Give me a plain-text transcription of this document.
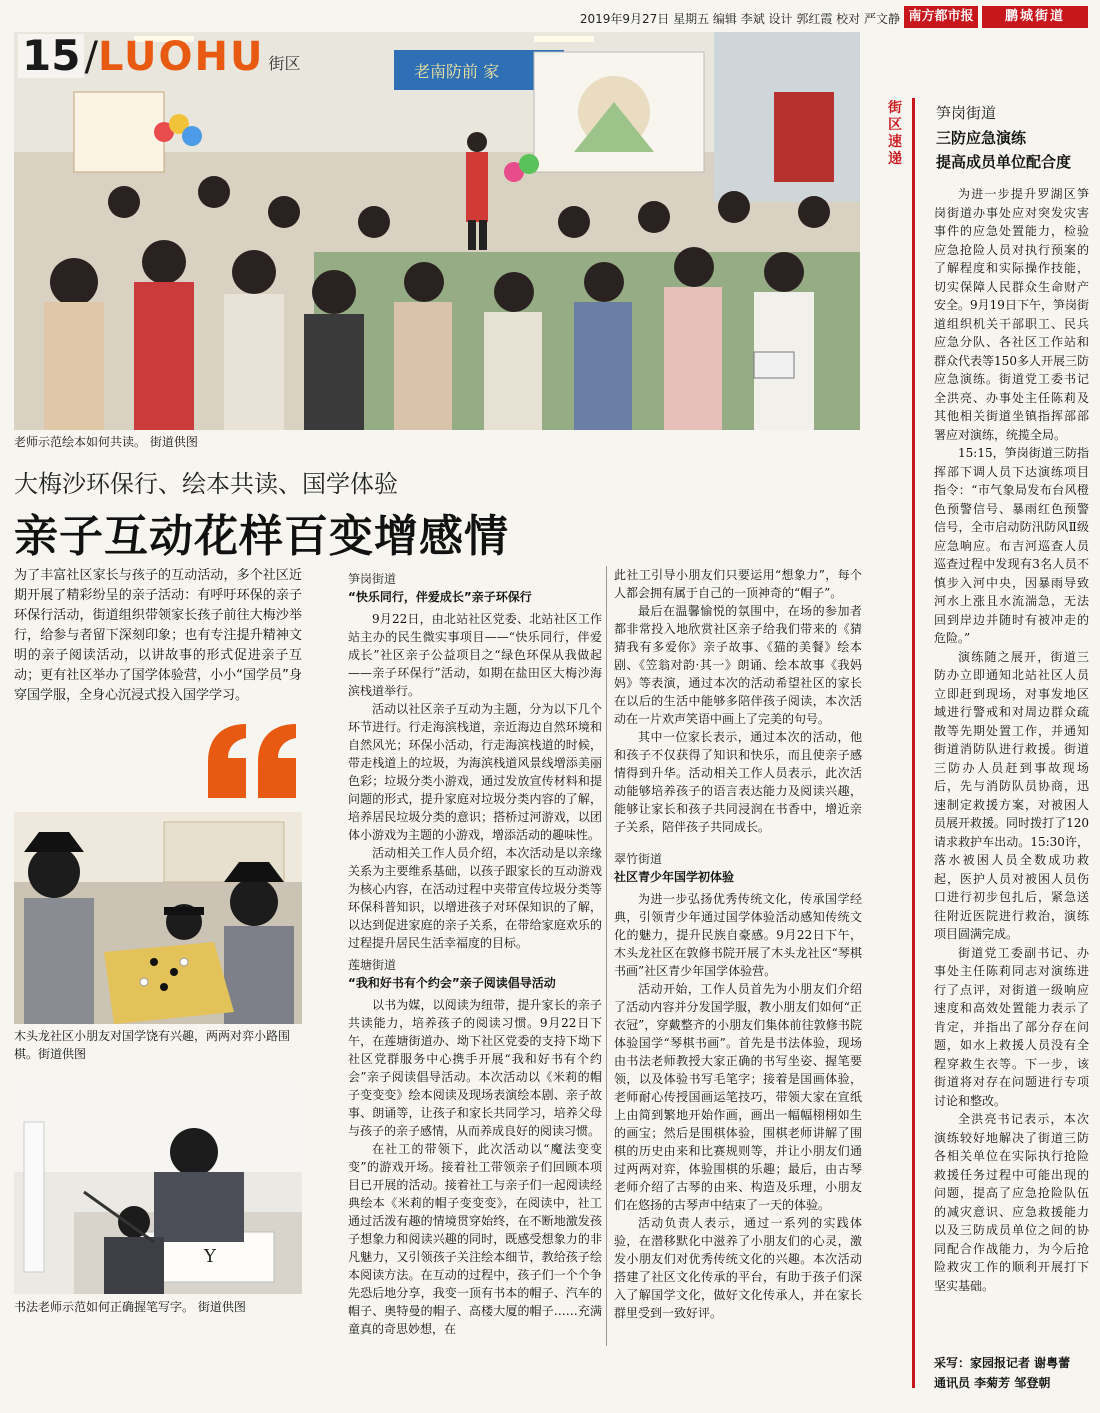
2019年9月27日 星期五 编辑 李斌 设计 郭红霞 校对 严文静 南方都市报	鹏城街道
老南防前 家
15 /LUOHU 街区
老师示范绘本如何共读。 街道供图
大梅沙环保行、绘本共读、国学体验
亲子互动花样百变增感情
为了丰富社区家长与孩子的互动活动，多个社区近期开展了精彩纷呈的亲子活动：有呼吁环保的亲子环保行活动，街道组织带领家长孩子前往大梅沙举行，给参与者留下深刻印象；也有专注提升精神文明的亲子阅读活动，以讲故事的形式促进亲子互动；更有社区举办了国学体验营，小小“国学员”身穿国学服，全身心沉浸式投入国学学习。
木头龙社区小朋友对国学饶有兴趣，两两对弈小路围棋。街道供图
Y
书法老师示范如何正确握笔写字。 街道供图
笋岗街道
“快乐同行，伴爱成长”亲子环保行

9月22日，由北站社区党委、北站社区工作站主办的民生微实事项目——“快乐同行，伴爱成长”社区亲子公益项目之“绿色环保从我做起——亲子环保行”活动，如期在盐田区大梅沙海滨栈道举行。

活动以社区亲子互动为主题，分为以下几个环节进行。行走海滨栈道，亲近海边自然环境和自然风光；环保小活动，行走海滨栈道的时候，带走栈道上的垃圾，为海滨栈道风景线增添美丽色彩；垃圾分类小游戏，通过发放宣传材料和提问题的形式，提升家庭对垃圾分类内容的了解，培养居民垃圾分类的意识；搭桥过河游戏，以团体小游戏为主题的小游戏，增添活动的趣味性。

活动相关工作人员介绍，本次活动是以亲缘关系为主要维系基础，以孩子跟家长的互动游戏为核心内容，在活动过程中夹带宣传垃圾分类等环保科普知识，以增进孩子对环保知识的了解，以达到促进家庭的亲子关系，在带给家庭欢乐的过程提升居民生活幸福度的目标。

莲塘街道
“我和好书有个约会”亲子阅读倡导活动

以书为媒，以阅读为纽带，提升家长的亲子共读能力，培养孩子的阅读习惯。9月22日下午，在莲塘街道办、坳下社区党委的支持下坳下社区党群服务中心携手开展“我和好书有个约会”亲子阅读倡导活动。本次活动以《米莉的帽子变变变》绘本阅读及现场表演绘本剧、亲子故事、朗诵等，让孩子和家长共同学习，培养父母与孩子的亲子感情，从而养成良好的阅读习惯。

在社工的带领下，此次活动以“魔法变变变”的游戏开场。接着社工带领亲子们回顾本项目已开展的活动。接着社工与亲子们一起阅读经典绘本《米莉的帽子变变变》，在阅读中，社工通过活泼有趣的情境贯穿始终，在不断地激发孩子想象力和阅读兴趣的同时，既感受想象力的非凡魅力，又引领孩子关注绘本细节，教给孩子绘本阅读方法。在互动的过程中，孩子们一个个争先恐后地分享，我变一顶有书本的帽子、汽车的帽子、奥特曼的帽子、高楼大厦的帽子……充满童真的奇思妙想，在

此社工引导小朋友们只要运用“想象力”，每个人都会拥有属于自己的一顶神奇的“帽子”。

最后在温馨愉悦的氛围中，在场的参加者都非常投入地欣赏社区亲子给我们带来的《猜猜我有多爱你》亲子故事、《猫的美餐》绘本剧、《笠翁对韵·其一》朗诵、绘本故事《我妈妈》等表演，通过本次的活动希望社区的家长在以后的生活中能够多陪伴孩子阅读，本次活动在一片欢声笑语中画上了完美的句号。

其中一位家长表示，通过本次的活动，他和孩子不仅获得了知识和快乐，而且使亲子感情得到升华。活动相关工作人员表示，此次活动能够培养孩子的语言表达能力及阅读兴趣，能够让家长和孩子共同浸润在书香中，增近亲子关系，陪伴孩子共同成长。

翠竹街道
社区青少年国学初体验

为进一步弘扬优秀传统文化，传承国学经典，引领青少年通过国学体验活动感知传统文化的魅力，提升民族自豪感。9月22日下午，木头龙社区在敦修书院开展了木头龙社区“琴棋书画”社区青少年国学体验营。

活动开始，工作人员首先为小朋友们介绍了活动内容并分发国学服，教小朋友们如何“正衣冠”，穿戴整齐的小朋友们集体前往敦修书院体验国学“琴棋书画”。首先是书法体验，现场由书法老师教授大家正确的书写坐姿、握笔要领，以及体验书写毛笔字；接着是国画体验，老师耐心传授国画运笔技巧，带领大家在宣纸上由简到繁地开始作画，画出一幅幅栩栩如生的画宝；然后是围棋体验，围棋老师讲解了围棋的历史由来和比赛规则等，并让小朋友们通过两两对弈，体验围棋的乐趣；最后，由古琴老师介绍了古琴的由来、构造及乐理，小朋友们在悠扬的古琴声中结束了一天的体验。

活动负责人表示，通过一系列的实践体验，在潜移默化中滋养了小朋友们的心灵，激发小朋友们对优秀传统文化的兴趣。本次活动搭建了社区文化传承的平台，有助于孩子们深入了解国学文化，做好文化传承人，并在家长群里受到一致好评。

街区速递
笋岗街道
三防应急演练
提高成员单位配合度

为进一步提升罗湖区笋岗街道办事处应对突发灾害事件的应急处置能力，检验应急抢险人员对执行预案的了解程度和实际操作技能，切实保障人民群众生命财产安全。9月19日下午，笋岗街道组织机关干部职工、民兵应急分队、各社区工作站和群众代表等150多人开展三防应急演练。街道党工委书记全洪亮、办事处主任陈莉及其他相关街道坐镇指挥部部署应对演练，统揽全局。

15:15，笋岗街道三防指挥部下调人员下达演练项目指令：“市气象局发布台风橙色预警信号、暴雨红色预警信号，全市启动防汛防风Ⅱ级应急响应。布吉河巡查人员巡查过程中发现有3名人员不慎步入河中央，因暴雨导致河水上涨且水流湍急，无法回到岸边并随时有被冲走的危险。”

演练随之展开，街道三防办立即通知北站社区人员立即赶到现场，对事发地区域进行警戒和对周边群众疏散等先期处置工作，并通知街道消防队进行救援。街道三防办人员赶到事故现场后，先与消防队员协商，迅速制定救援方案，对被困人员展开救援。同时拨打了120请求救护车出动。15:30许，落水被困人员全数成功救起，医护人员对被困人员伤口进行初步包扎后，紧急送往附近医院进行救治，演练项目圆满完成。

街道党工委副书记、办事处主任陈莉同志对演练进行了点评，对街道一级响应速度和高效处置能力表示了肯定，并指出了部分存在问题，如水上救援人员没有全程穿救生衣等。下一步，该街道将对存在问题进行专项讨论和整改。

全洪亮书记表示，本次演练较好地解决了街道三防各相关单位在实际执行抢险救援任务过程中可能出现的问题，提高了应急抢险队伍的减灾意识、应急救援能力以及三防成员单位之间的协同配合作战能力，为今后抢险救灾工作的顺利开展打下坚实基础。

采写：家园报记者 谢粤蕾
通讯员 李菊芳 邹登朝
